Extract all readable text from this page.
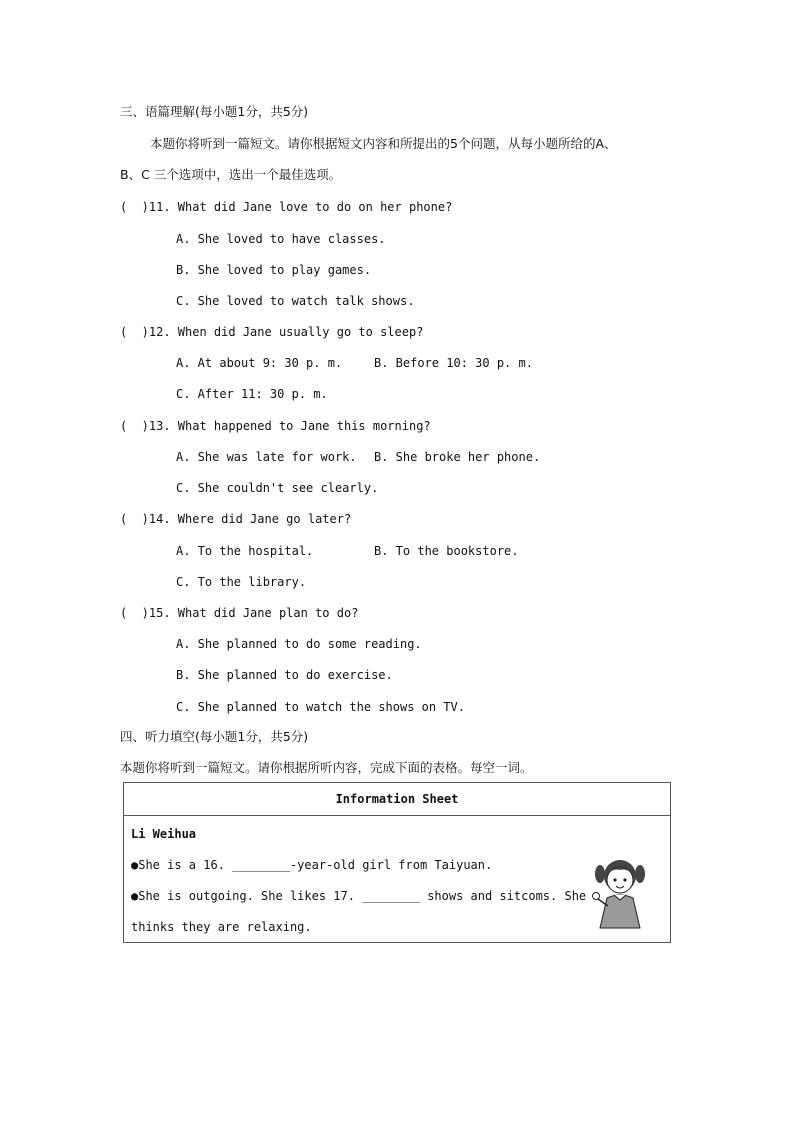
三、语篇理解(每小题1分，共5分)
本题你将听到一篇短文。请你根据短文内容和所提出的5个问题，从每小题所给的A、
B、C 三个选项中，选出一个最佳选项。
(  )11. What did Jane love to do on her phone?
A. She loved to have classes.
B. She loved to play games.
C. She loved to watch talk shows.
(  )12. When did Jane usually go to sleep?
A. At about 9: 30 p. m.	B. Before 10: 30 p. m.
C. After 11: 30 p. m.
(  )13. What happened to Jane this morning?
A. She was late for work. B. She broke her phone.
C. She couldn't see clearly.
(  )14. Where did Jane go later?
A. To the hospital.	B. To the bookstore.
C. To the library.
(  )15. What did Jane plan to do?
A. She planned to do some reading.
B. She planned to do exercise.
C. She planned to watch the shows on TV.
四、听力填空(每小题1分，共5分)
本题你将听到一篇短文。请你根据所听内容，完成下面的表格。每空一词。
Information Sheet

Li Weihua
●She is a 16. ________-year-old girl from Taiyuan.
●She is outgoing. She likes 17. ________ shows and sitcoms. She
thinks they are relaxing.
